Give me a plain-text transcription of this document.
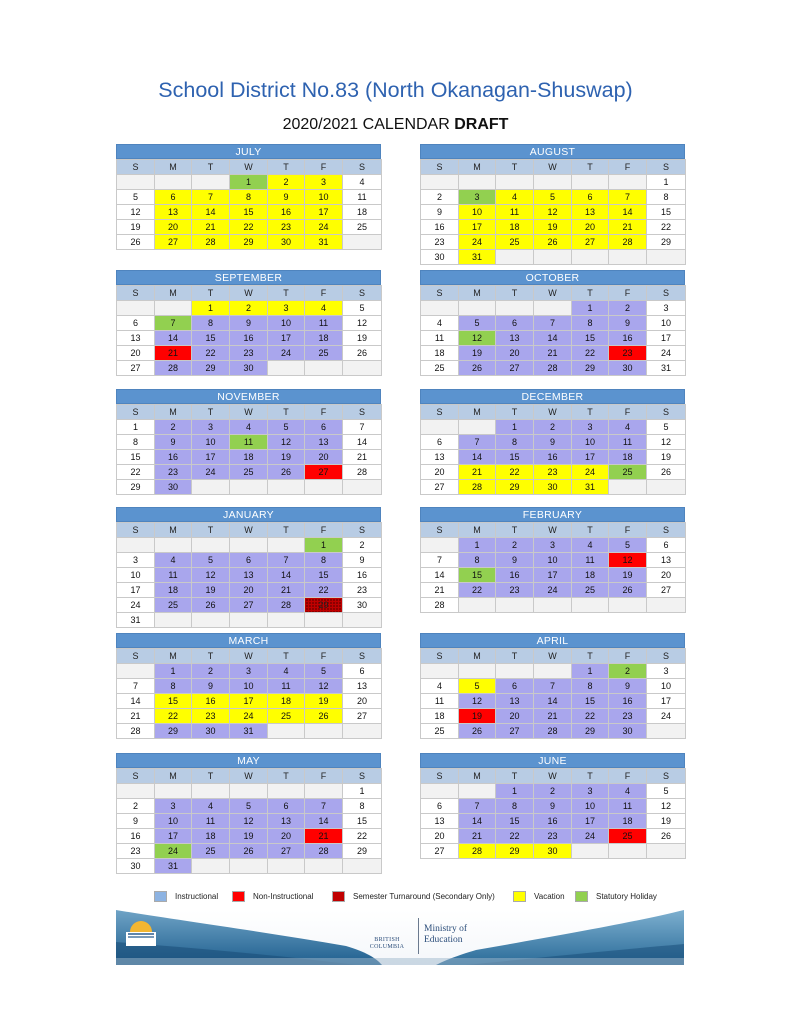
School District No.83 (North Okanagan-Shuswap)
2020/2021 CALENDAR DRAFT
JULY
S	M	T	W	T	F	S
			1	2	3	4
5	6	7	8	9	10	11
12	13	14	15	16	17	18
19	20	21	22	23	24	25
26	27	28	29	30	31	
AUGUST
S	M	T	W	T	F	S
						1
2	3	4	5	6	7	8
9	10	11	12	13	14	15
16	17	18	19	20	21	22
23	24	25	26	27	28	29
30	31					
SEPTEMBER
S	M	T	W	T	F	S
		1	2	3	4	5
6	7	8	9	10	11	12
13	14	15	16	17	18	19
20	21	22	23	24	25	26
27	28	29	30			
OCTOBER
S	M	T	W	T	F	S
				1	2	3
4	5	6	7	8	9	10
11	12	13	14	15	16	17
18	19	20	21	22	23	24
25	26	27	28	29	30	31
NOVEMBER
S	M	T	W	T	F	S
1	2	3	4	5	6	7
8	9	10	11	12	13	14
15	16	17	18	19	20	21
22	23	24	25	26	27	28
29	30					
DECEMBER
S	M	T	W	T	F	S
		1	2	3	4	5
6	7	8	9	10	11	12
13	14	15	16	17	18	19
20	21	22	23	24	25	26
27	28	29	30	31		
JANUARY
S	M	T	W	T	F	S
					1	2
3	4	5	6	7	8	9
10	11	12	13	14	15	16
17	18	19	20	21	22	23
24	25	26	27	28	29	30
31						
FEBRUARY
S	M	T	W	T	F	S
	1	2	3	4	5	6
7	8	9	10	11	12	13
14	15	16	17	18	19	20
21	22	23	24	25	26	27
28						
MARCH
S	M	T	W	T	F	S
	1	2	3	4	5	6
7	8	9	10	11	12	13
14	15	16	17	18	19	20
21	22	23	24	25	26	27
28	29	30	31			
APRIL
S	M	T	W	T	F	S
				1	2	3
4	5	6	7	8	9	10
11	12	13	14	15	16	17
18	19	20	21	22	23	24
25	26	27	28	29	30	
MAY
S	M	T	W	T	F	S
						1
2	3	4	5	6	7	8
9	10	11	12	13	14	15
16	17	18	19	20	21	22
23	24	25	26	27	28	29
30	31					
JUNE
S	M	T	W	T	F	S
		1	2	3	4	5
6	7	8	9	10	11	12
13	14	15	16	17	18	19
20	21	22	23	24	25	26
27	28	29	30			
Instructional	Non-Instructional	Semester Turnaround (Secondary Only)	Vacation	Statutory Holiday
BRITISH
COLUMBIA
Ministry of
Education
